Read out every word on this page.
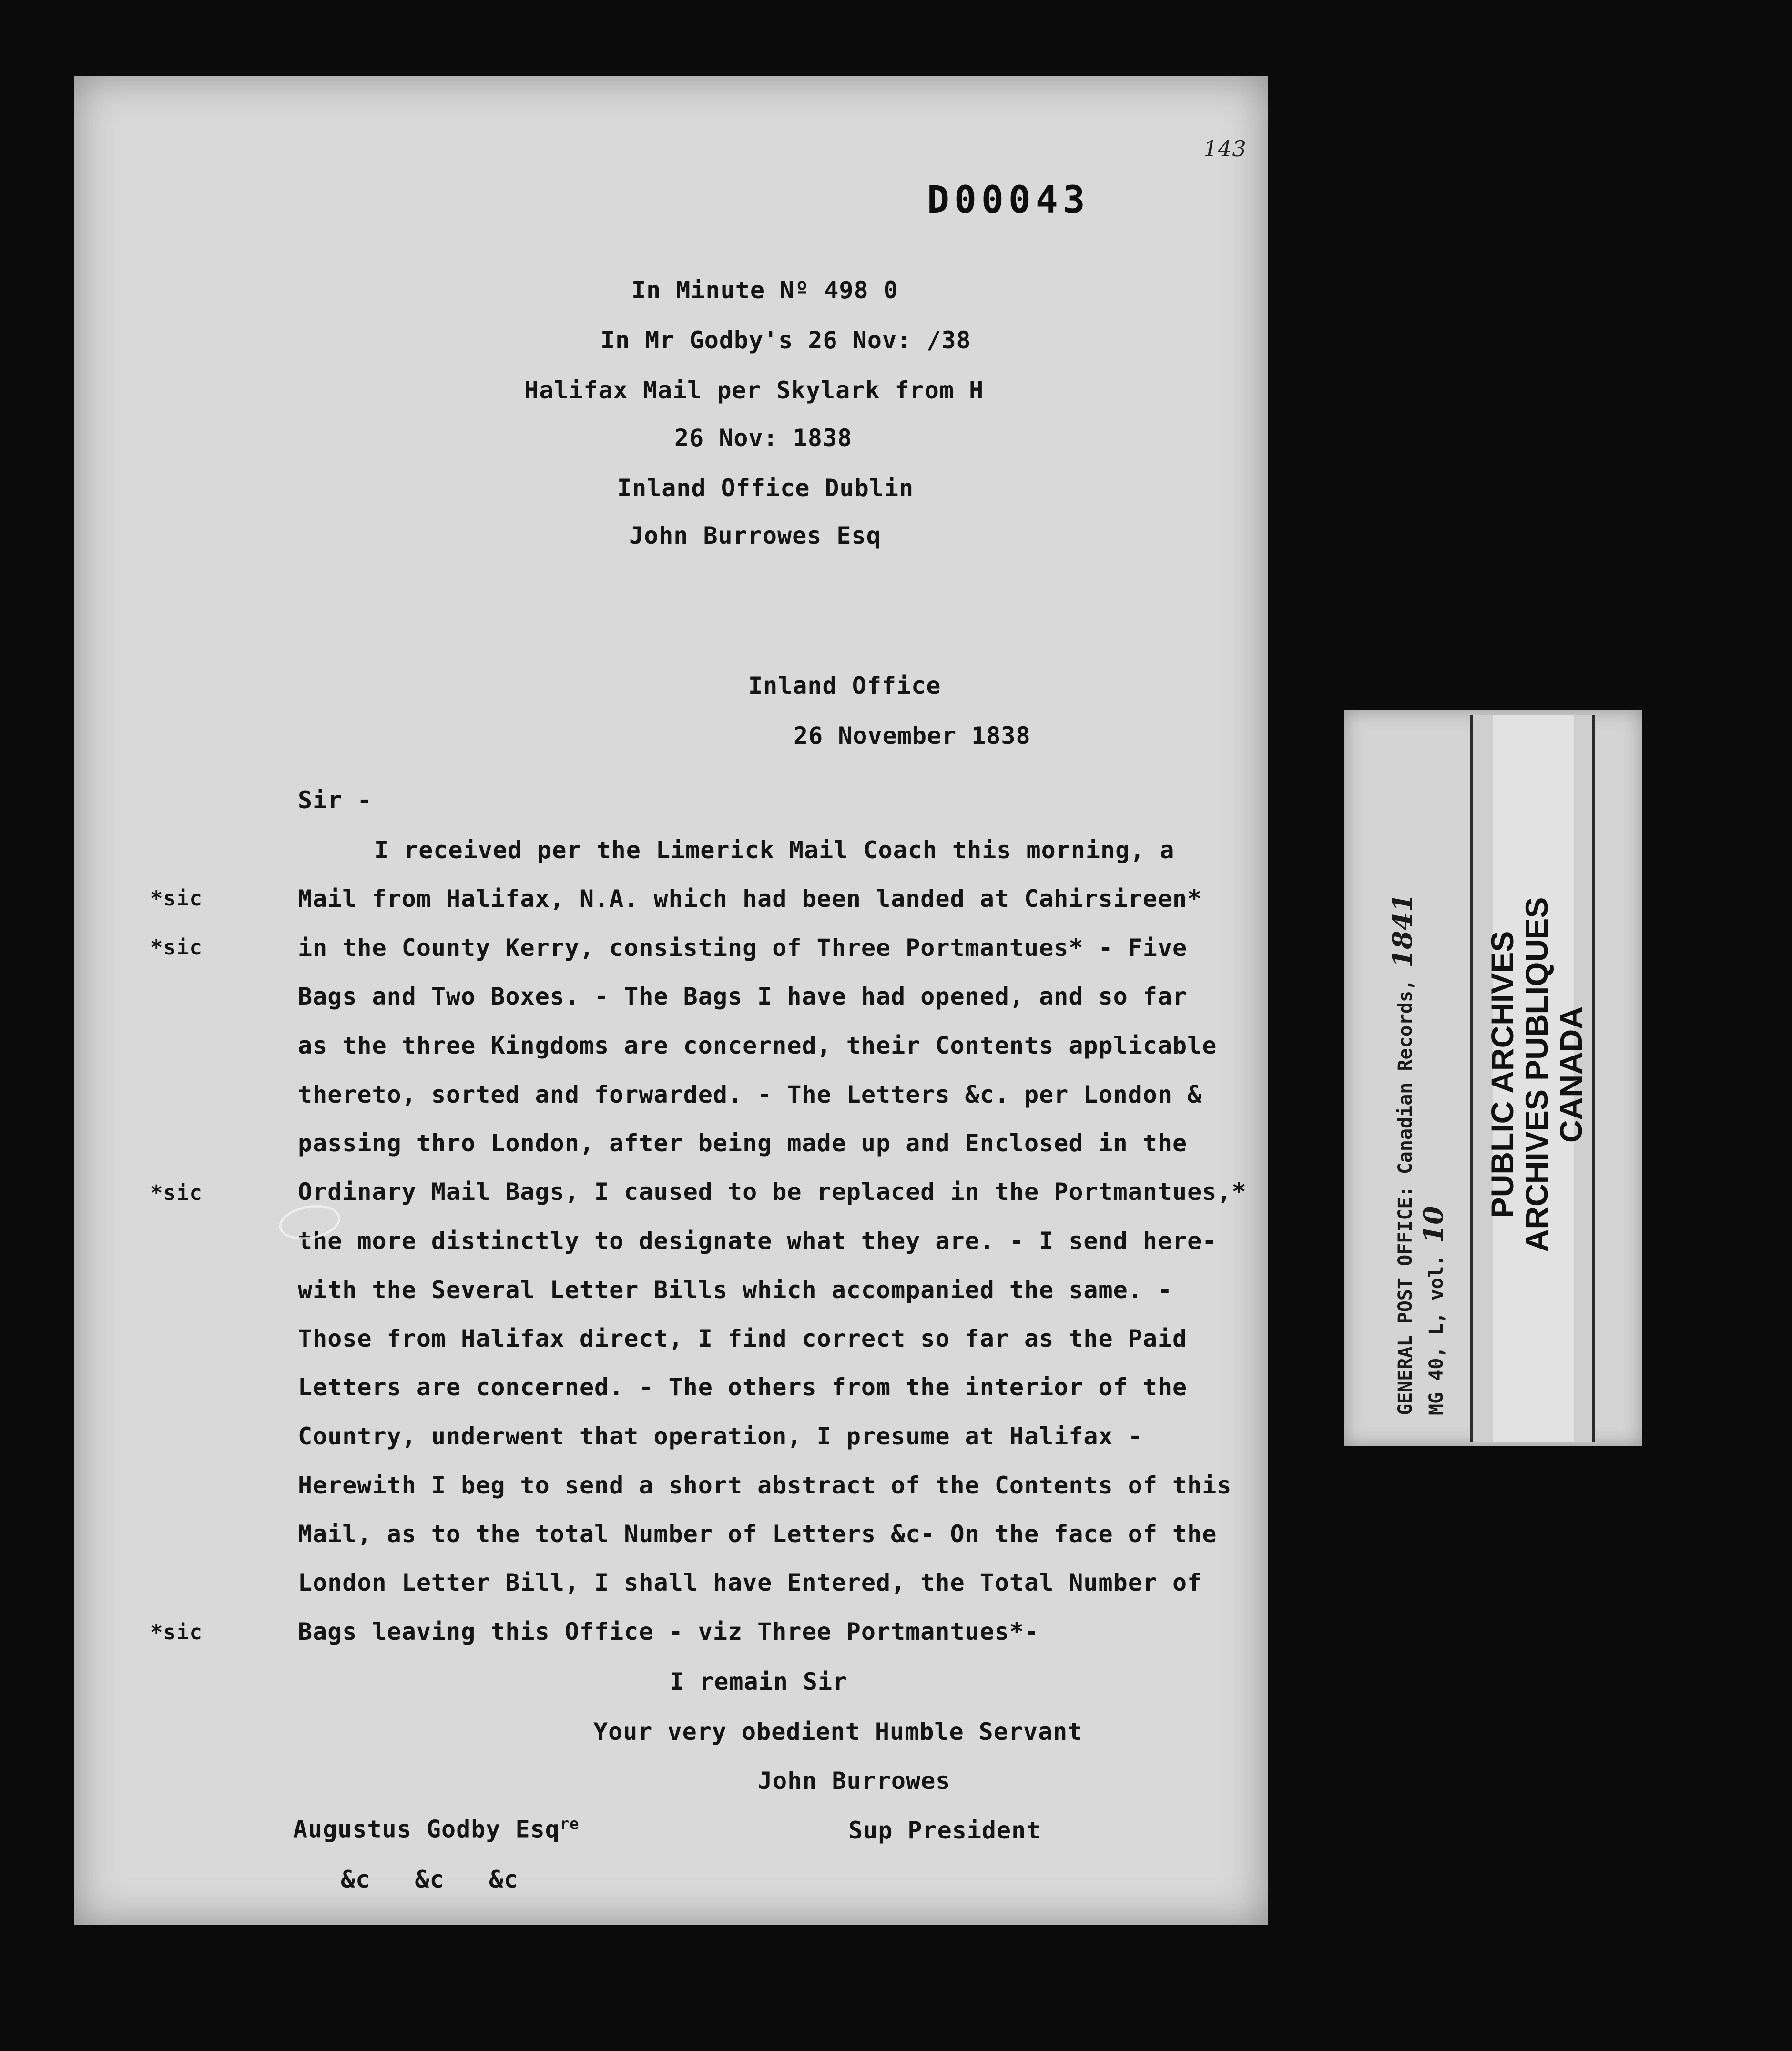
143
D00043
In Minute Nº 498 0
In Mr Godby's 26 Nov: /38
Halifax Mail per Skylark from H
26 Nov: 1838
Inland Office Dublin
John Burrowes Esq
Inland Office
26 November 1838
Sir -
I received per the Limerick Mail Coach this morning, a
Mail from Halifax, N.A. which had been landed at Cahirsireen*
in the County Kerry, consisting of Three Portmantues* - Five
Bags and Two Boxes. - The Bags I have had opened, and so far
as the three Kingdoms are concerned, their Contents applicable
thereto, sorted and forwarded. - The Letters &c. per London &
passing thro London, after being made up and Enclosed in the
Ordinary Mail Bags, I caused to be replaced in the Portmantues,*
the more distinctly to designate what they are. - I send here-
with the Several Letter Bills which accompanied the same. -
Those from Halifax direct, I find correct so far as the Paid
Letters are concerned. - The others from the interior of the
Country, underwent that operation, I presume at Halifax -
Herewith I beg to send a short abstract of the Contents of this
Mail, as to the total Number of Letters &c- On the face of the
London Letter Bill, I shall have Entered, the Total Number of
Bags leaving this Office - viz Three Portmantues*-
*sic
*sic
*sic
*sic
I remain Sir
Your very obedient Humble Servant
John Burrowes
Sup President
Augustus Godby Esq$^{re}$
&c   &c   &c
GENERAL POST OFFICE: Canadian Records, 1841
MG 40, L, vol. 10
PUBLIC ARCHIVES
ARCHIVES PUBLIQUES
CANADA
